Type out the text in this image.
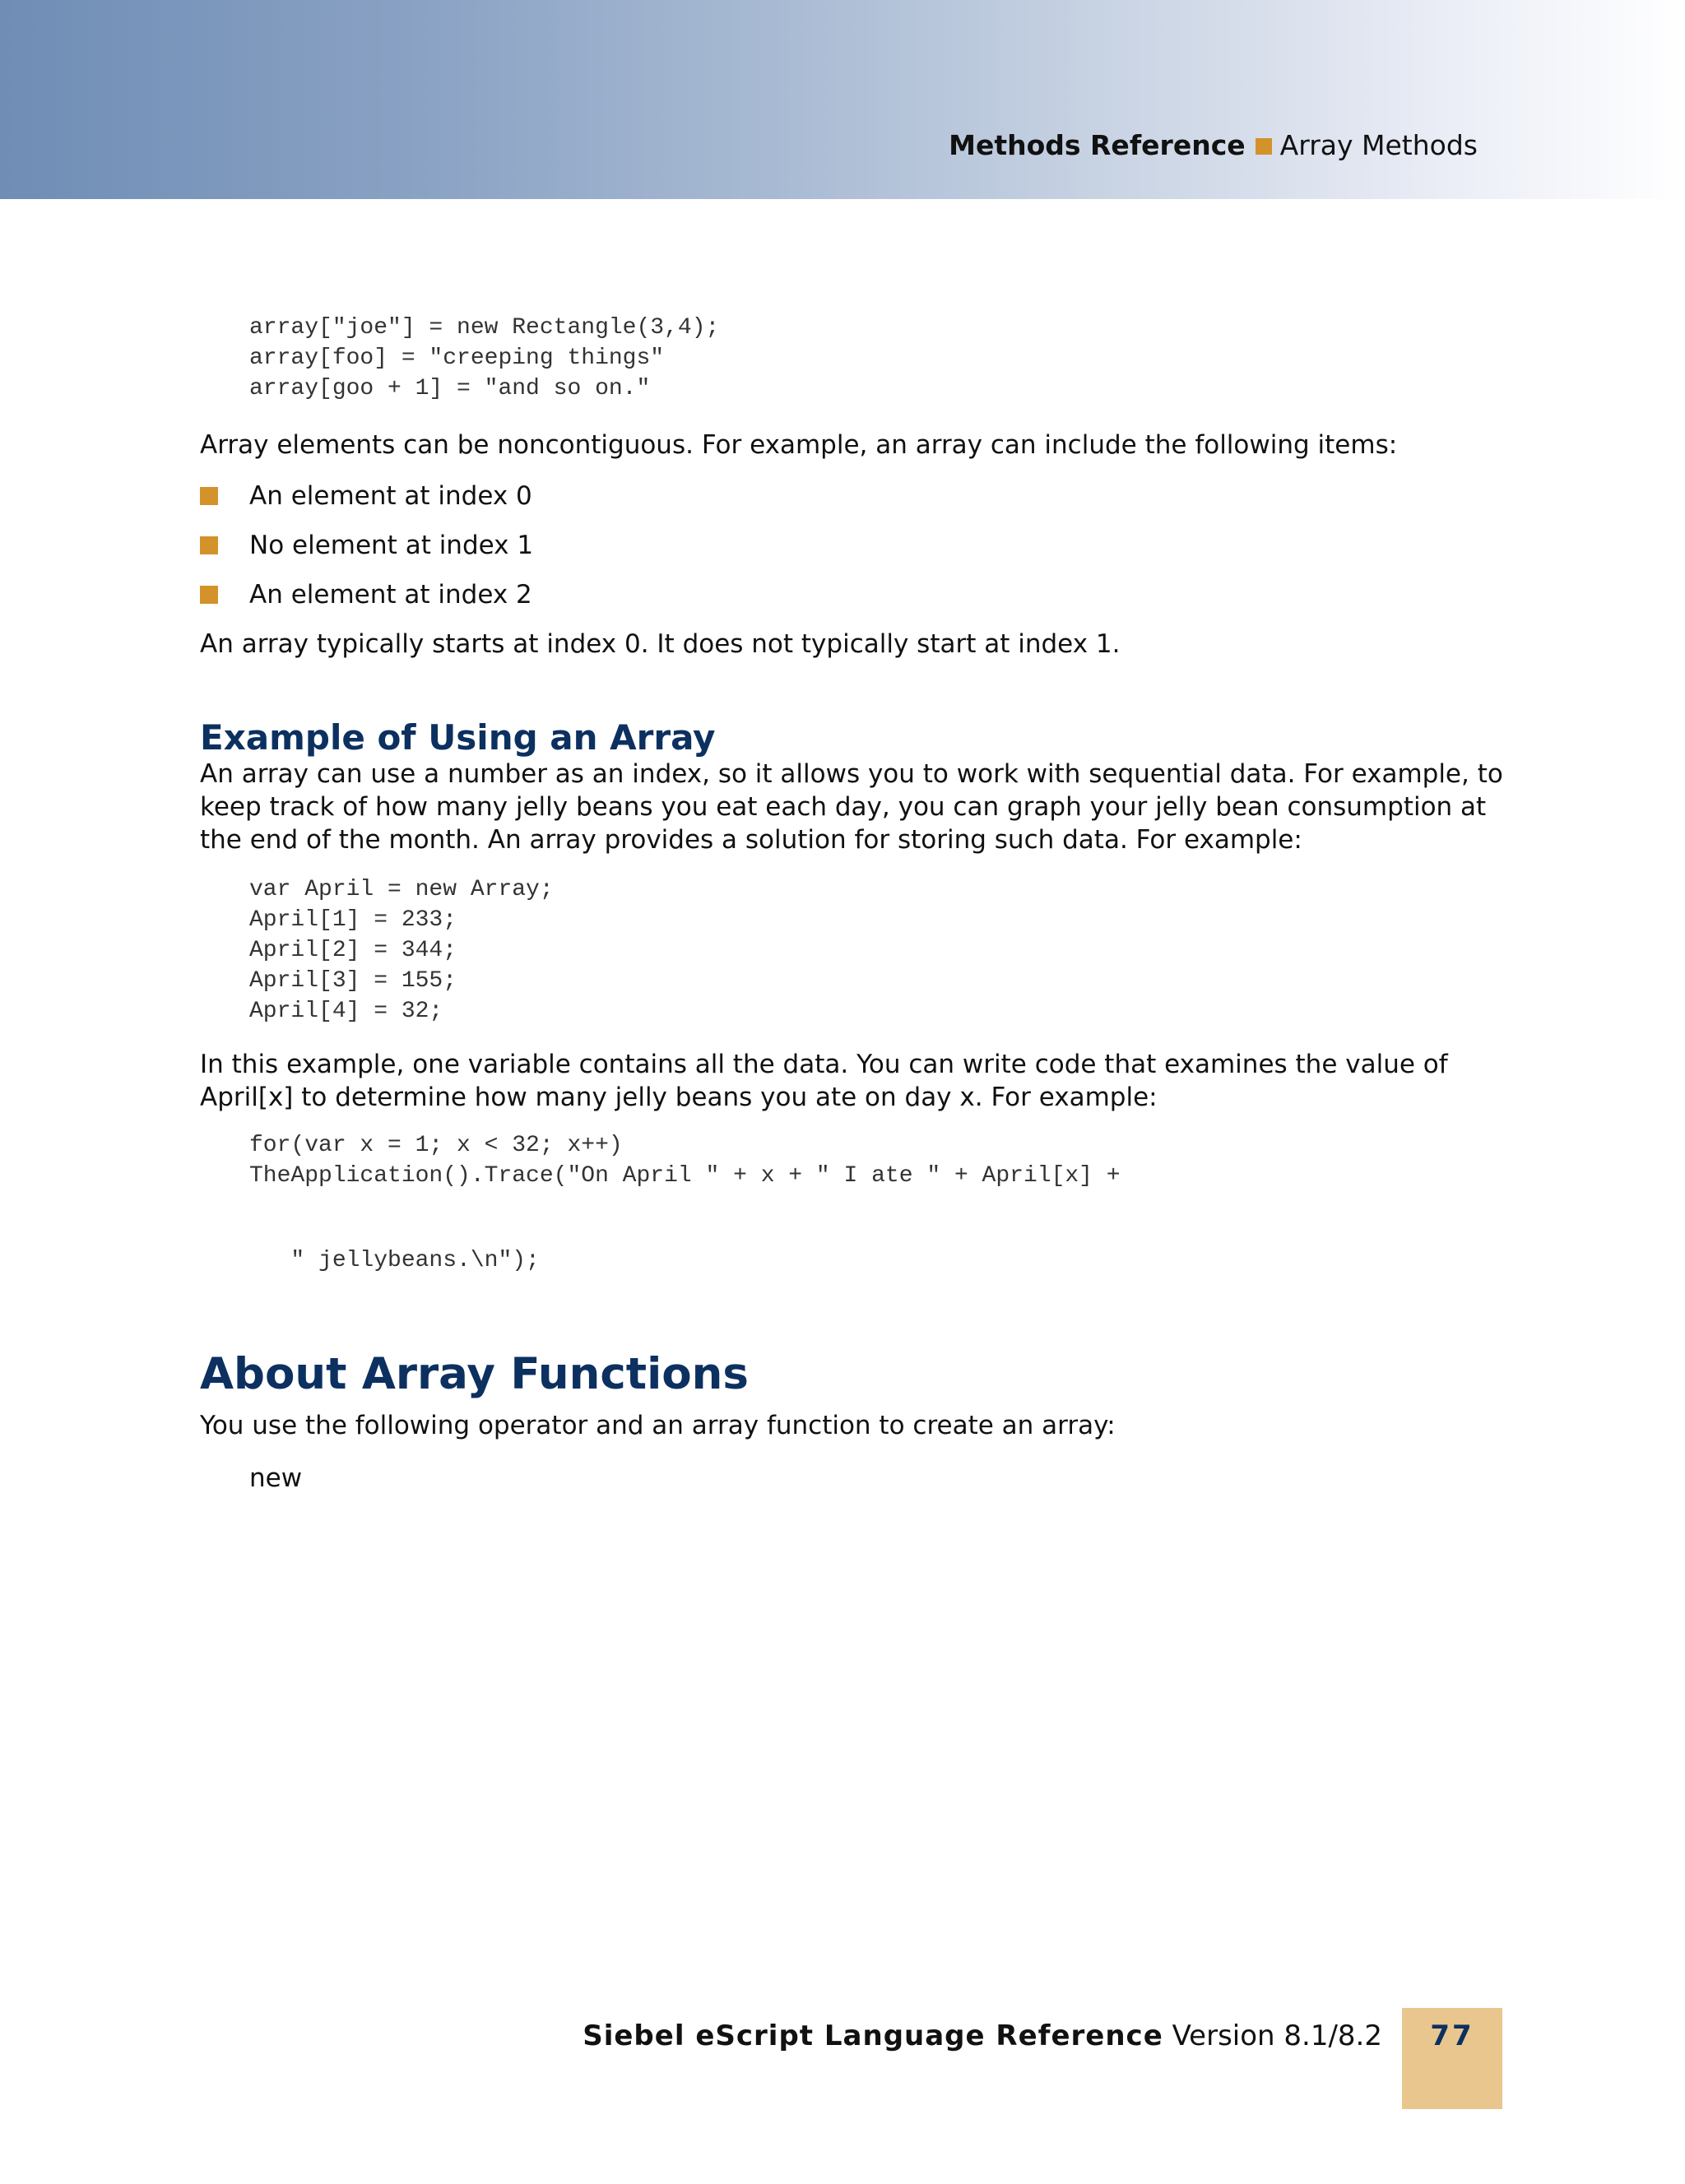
Methods Reference Array Methods
array["joe"] = new Rectangle(3,4);
array[foo] = "creeping things"
array[goo + 1] = "and so on."

Array elements can be noncontiguous. For example, an array can include the following items:

An element at index 0
No element at index 1
An element at index 2

An array typically starts at index 0. It does not typically start at index 1.

Example of Using an Array

An array can use a number as an index, so it allows you to work with sequential data. For example, to keep track of how many jelly beans you eat each day, you can graph your jelly bean consumption at the end of the month. An array provides a solution for storing such data. For example:

var April = new Array;
April[1] = 233;
April[2] = 344;
April[3] = 155;
April[4] = 32;

In this example, one variable contains all the data. You can write code that examines the value of April[x] to determine how many jelly beans you ate on day x. For example:

for(var x = 1; x < 32; x++)
TheApplication().Trace("On April " + x + " I ate " + April[x] +
" jellybeans.\n");
About Array Functions

You use the following operator and an array function to create an array:

new
Siebel eScript Language Reference Version 8.1/8.2	77
